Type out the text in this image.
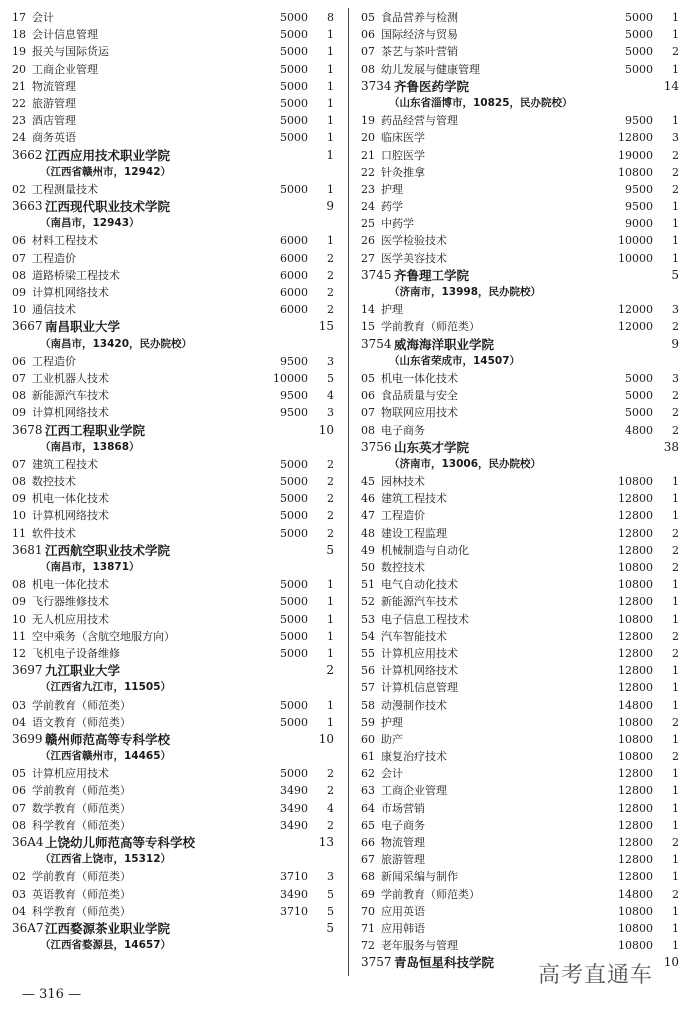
17 会计	5000 8
18 会计信息管理	5000 1
19 报关与国际货运	5000 1
20 工商企业管理	5000 1
21 物流管理	5000 1
22 旅游管理	5000 1
23 酒店管理	5000 1
24 商务英语	5000 1
3662 江西应用技术职业学院	1
（江西省赣州市，12942）
02 工程测量技术	5000 1
3663 江西现代职业技术学院	9
（南昌市，12943）
06 材料工程技术	6000 1
07 工程造价	6000 2
08 道路桥梁工程技术	6000 2
09 计算机网络技术	6000 2
10 通信技术	6000 2
3667 南昌职业大学	15
（南昌市，13420，民办院校）
06 工程造价	9500 3
07 工业机器人技术	10000 5
08 新能源汽车技术	9500 4
09 计算机网络技术	9500 3
3678 江西工程职业学院	10
（南昌市，13868）
07 建筑工程技术	5000 2
08 数控技术	5000 2
09 机电一体化技术	5000 2
10 计算机网络技术	5000 2
11 软件技术	5000 2
3681 江西航空职业技术学院	5
（南昌市，13871）
08 机电一体化技术	5000 1
09 飞行器维修技术	5000 1
10 无人机应用技术	5000 1
11 空中乘务（含航空地服方向）	5000 1
12 飞机电子设备维修	5000 1
3697 九江职业大学	2
（江西省九江市，11505）
03 学前教育（师范类）	5000 1
04 语文教育（师范类）	5000 1
3699 赣州师范高等专科学校	10
（江西省赣州市，14465）
05 计算机应用技术	5000 2
06 学前教育（师范类）	3490 2
07 数学教育（师范类）	3490 4
08 科学教育（师范类）	3490 2
36A4 上饶幼儿师范高等专科学校	13
（江西省上饶市，15312）
02 学前教育（师范类）	3710 3
03 英语教育（师范类）	3490 5
04 科学教育（师范类）	3710 5
36A7 江西婺源茶业职业学院	5
（江西省婺源县，14657）
05 食品营养与检测	5000 1
06 国际经济与贸易	5000 1
07 茶艺与茶叶营销	5000 2
08 幼儿发展与健康管理	5000 1
3734 齐鲁医药学院	14
（山东省淄博市，10825，民办院校）
19 药品经营与管理	9500 1
20 临床医学	12800 3
21 口腔医学	19000 2
22 针灸推拿	10800 2
23 护理	9500 2
24 药学	9500 1
25 中药学	9000 1
26 医学检验技术	10000 1
27 医学美容技术	10000 1
3745 齐鲁理工学院	5
（济南市，13998，民办院校）
14 护理	12000 3
15 学前教育（师范类）	12000 2
3754 威海海洋职业学院	9
（山东省荣成市，14507）
05 机电一体化技术	5000 3
06 食品质量与安全	5000 2
07 物联网应用技术	5000 2
08 电子商务	4800 2
3756 山东英才学院	38
（济南市，13006，民办院校）
45 园林技术	10800 1
46 建筑工程技术	12800 1
47 工程造价	12800 1
48 建设工程监理	12800 2
49 机械制造与自动化	12800 2
50 数控技术	10800 2
51 电气自动化技术	10800 1
52 新能源汽车技术	12800 1
53 电子信息工程技术	10800 1
54 汽车智能技术	12800 2
55 计算机应用技术	12800 2
56 计算机网络技术	12800 1
57 计算机信息管理	12800 1
58 动漫制作技术	14800 1
59 护理	10800 2
60 助产	10800 1
61 康复治疗技术	10800 2
62 会计	12800 1
63 工商企业管理	12800 1
64 市场营销	12800 1
65 电子商务	12800 1
66 物流管理	12800 2
67 旅游管理	12800 1
68 新闻采编与制作	12800 1
69 学前教育（师范类）	14800 2
70 应用英语	10800 1
71 应用韩语	10800 1
72 老年服务与管理	10800 1
3757 青岛恒星科技学院	10
— 316 —
高考直通车
